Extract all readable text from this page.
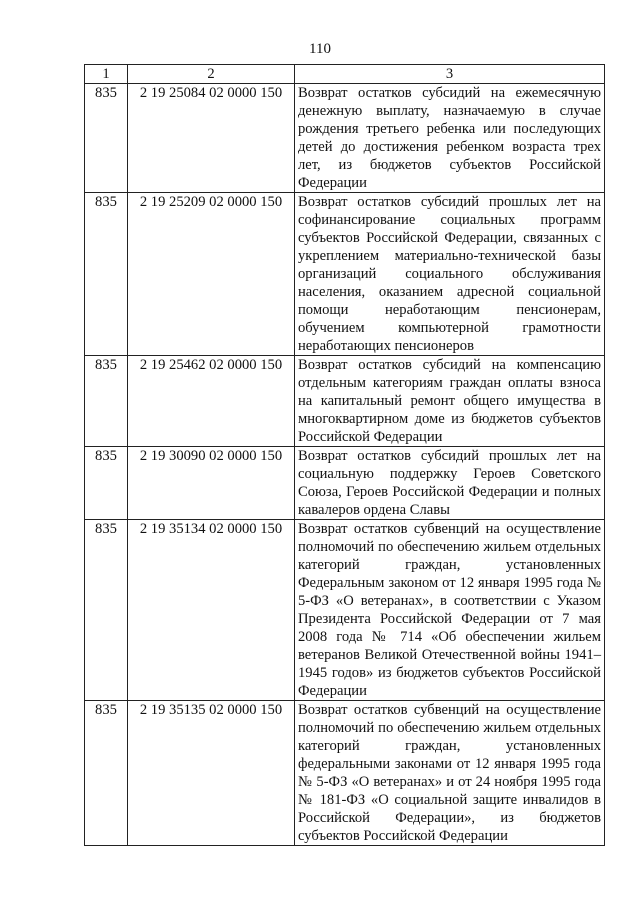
110
1	2	3
835	2 19 25084 02 0000 150	Возврат остатков субсидий на ежемесячную денежную выплату, назначаемую в случае рождения третьего ребенка или последующих детей до достижения ребенком возраста трех лет, из бюджетов субъектов Российской Федерации
835	2 19 25209 02 0000 150	Возврат остатков субсидий прошлых лет на софинансирование социальных программ субъектов Российской Федерации, связанных с укреплением материально-технической базы организаций социального обслуживания населения, оказанием адресной социальной помощи неработающим пенсионерам, обучением компьютерной грамотности неработающих пенсионеров
835	2 19 25462 02 0000 150	Возврат остатков субсидий на компенсацию отдельным категориям граждан оплаты взноса на капитальный ремонт общего имущества в многоквартирном доме из бюджетов субъектов Российской Федерации
835	2 19 30090 02 0000 150	Возврат остатков субсидий прошлых лет на социальную поддержку Героев Советского Союза, Героев Российской Федерации и полных кавалеров ордена Славы
835	2 19 35134 02 0000 150	Возврат остатков субвенций на осуществление полномочий по обеспечению жильем отдельных категорий граждан, установленных Федеральным законом от 12 января 1995 года № 5-ФЗ «О ветеранах», в соответствии с Указом Президента Российской Федерации от 7 мая 2008 года № 714 «Об обеспечении жильем ветеранов Великой Отечественной войны 1941–1945 годов» из бюджетов субъектов Российской Федерации
835	2 19 35135 02 0000 150	Возврат остатков субвенций на осуществление полномочий по обеспечению жильем отдельных категорий граждан, установленных федеральными законами от 12 января 1995 года № 5-ФЗ «О ветеранах» и от 24 ноября 1995 года № 181-ФЗ «О социальной защите инвалидов в Российской Федерации», из бюджетов субъектов Российской Федерации
